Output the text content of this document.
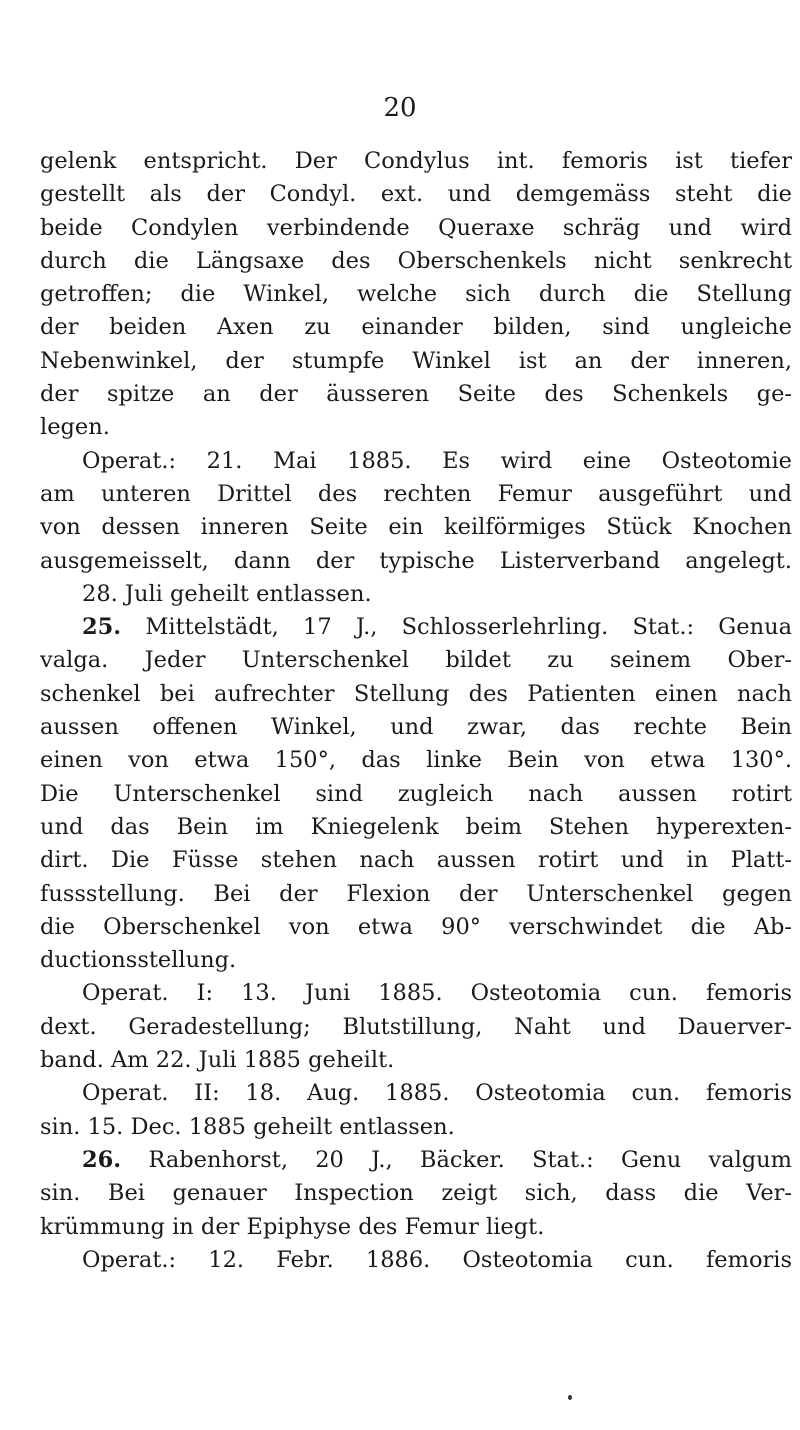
20
gelenk entspricht. Der Condylus int. femoris ist tiefer
gestellt als der Condyl. ext. und demgemäss steht die
beide Condylen verbindende Queraxe schräg und wird
durch die Längsaxe des Oberschenkels nicht senkrecht
getroffen; die Winkel, welche sich durch die Stellung
der beiden Axen zu einander bilden, sind ungleiche
Nebenwinkel, der stumpfe Winkel ist an der inneren,
der spitze an der äusseren Seite des Schenkels ge-
legen.
Operat.: 21. Mai 1885. Es wird eine Osteotomie
am unteren Drittel des rechten Femur ausgeführt und
von dessen inneren Seite ein keilförmiges Stück Knochen
ausgemeisselt, dann der typische Listerverband angelegt.
28. Juli geheilt entlassen.
25. Mittelstädt, 17 J., Schlosserlehrling. Stat.: Genua
valga. Jeder Unterschenkel bildet zu seinem Ober-
schenkel bei aufrechter Stellung des Patienten einen nach
aussen offenen Winkel, und zwar, das rechte Bein
einen von etwa 150°, das linke Bein von etwa 130°.
Die Unterschenkel sind zugleich nach aussen rotirt
und das Bein im Kniegelenk beim Stehen hyperexten-
dirt. Die Füsse stehen nach aussen rotirt und in Platt-
fussstellung. Bei der Flexion der Unterschenkel gegen
die Oberschenkel von etwa 90° verschwindet die Ab-
ductionsstellung.
Operat. I: 13. Juni 1885. Osteotomia cun. femoris
dext. Geradestellung; Blutstillung, Naht und Dauerver-
band. Am 22. Juli 1885 geheilt.
Operat. II: 18. Aug. 1885. Osteotomia cun. femoris
sin. 15. Dec. 1885 geheilt entlassen.
26. Rabenhorst, 20 J., Bäcker. Stat.: Genu valgum
sin. Bei genauer Inspection zeigt sich, dass die Ver-
krümmung in der Epiphyse des Femur liegt.
Operat.: 12. Febr. 1886. Osteotomia cun. femoris
